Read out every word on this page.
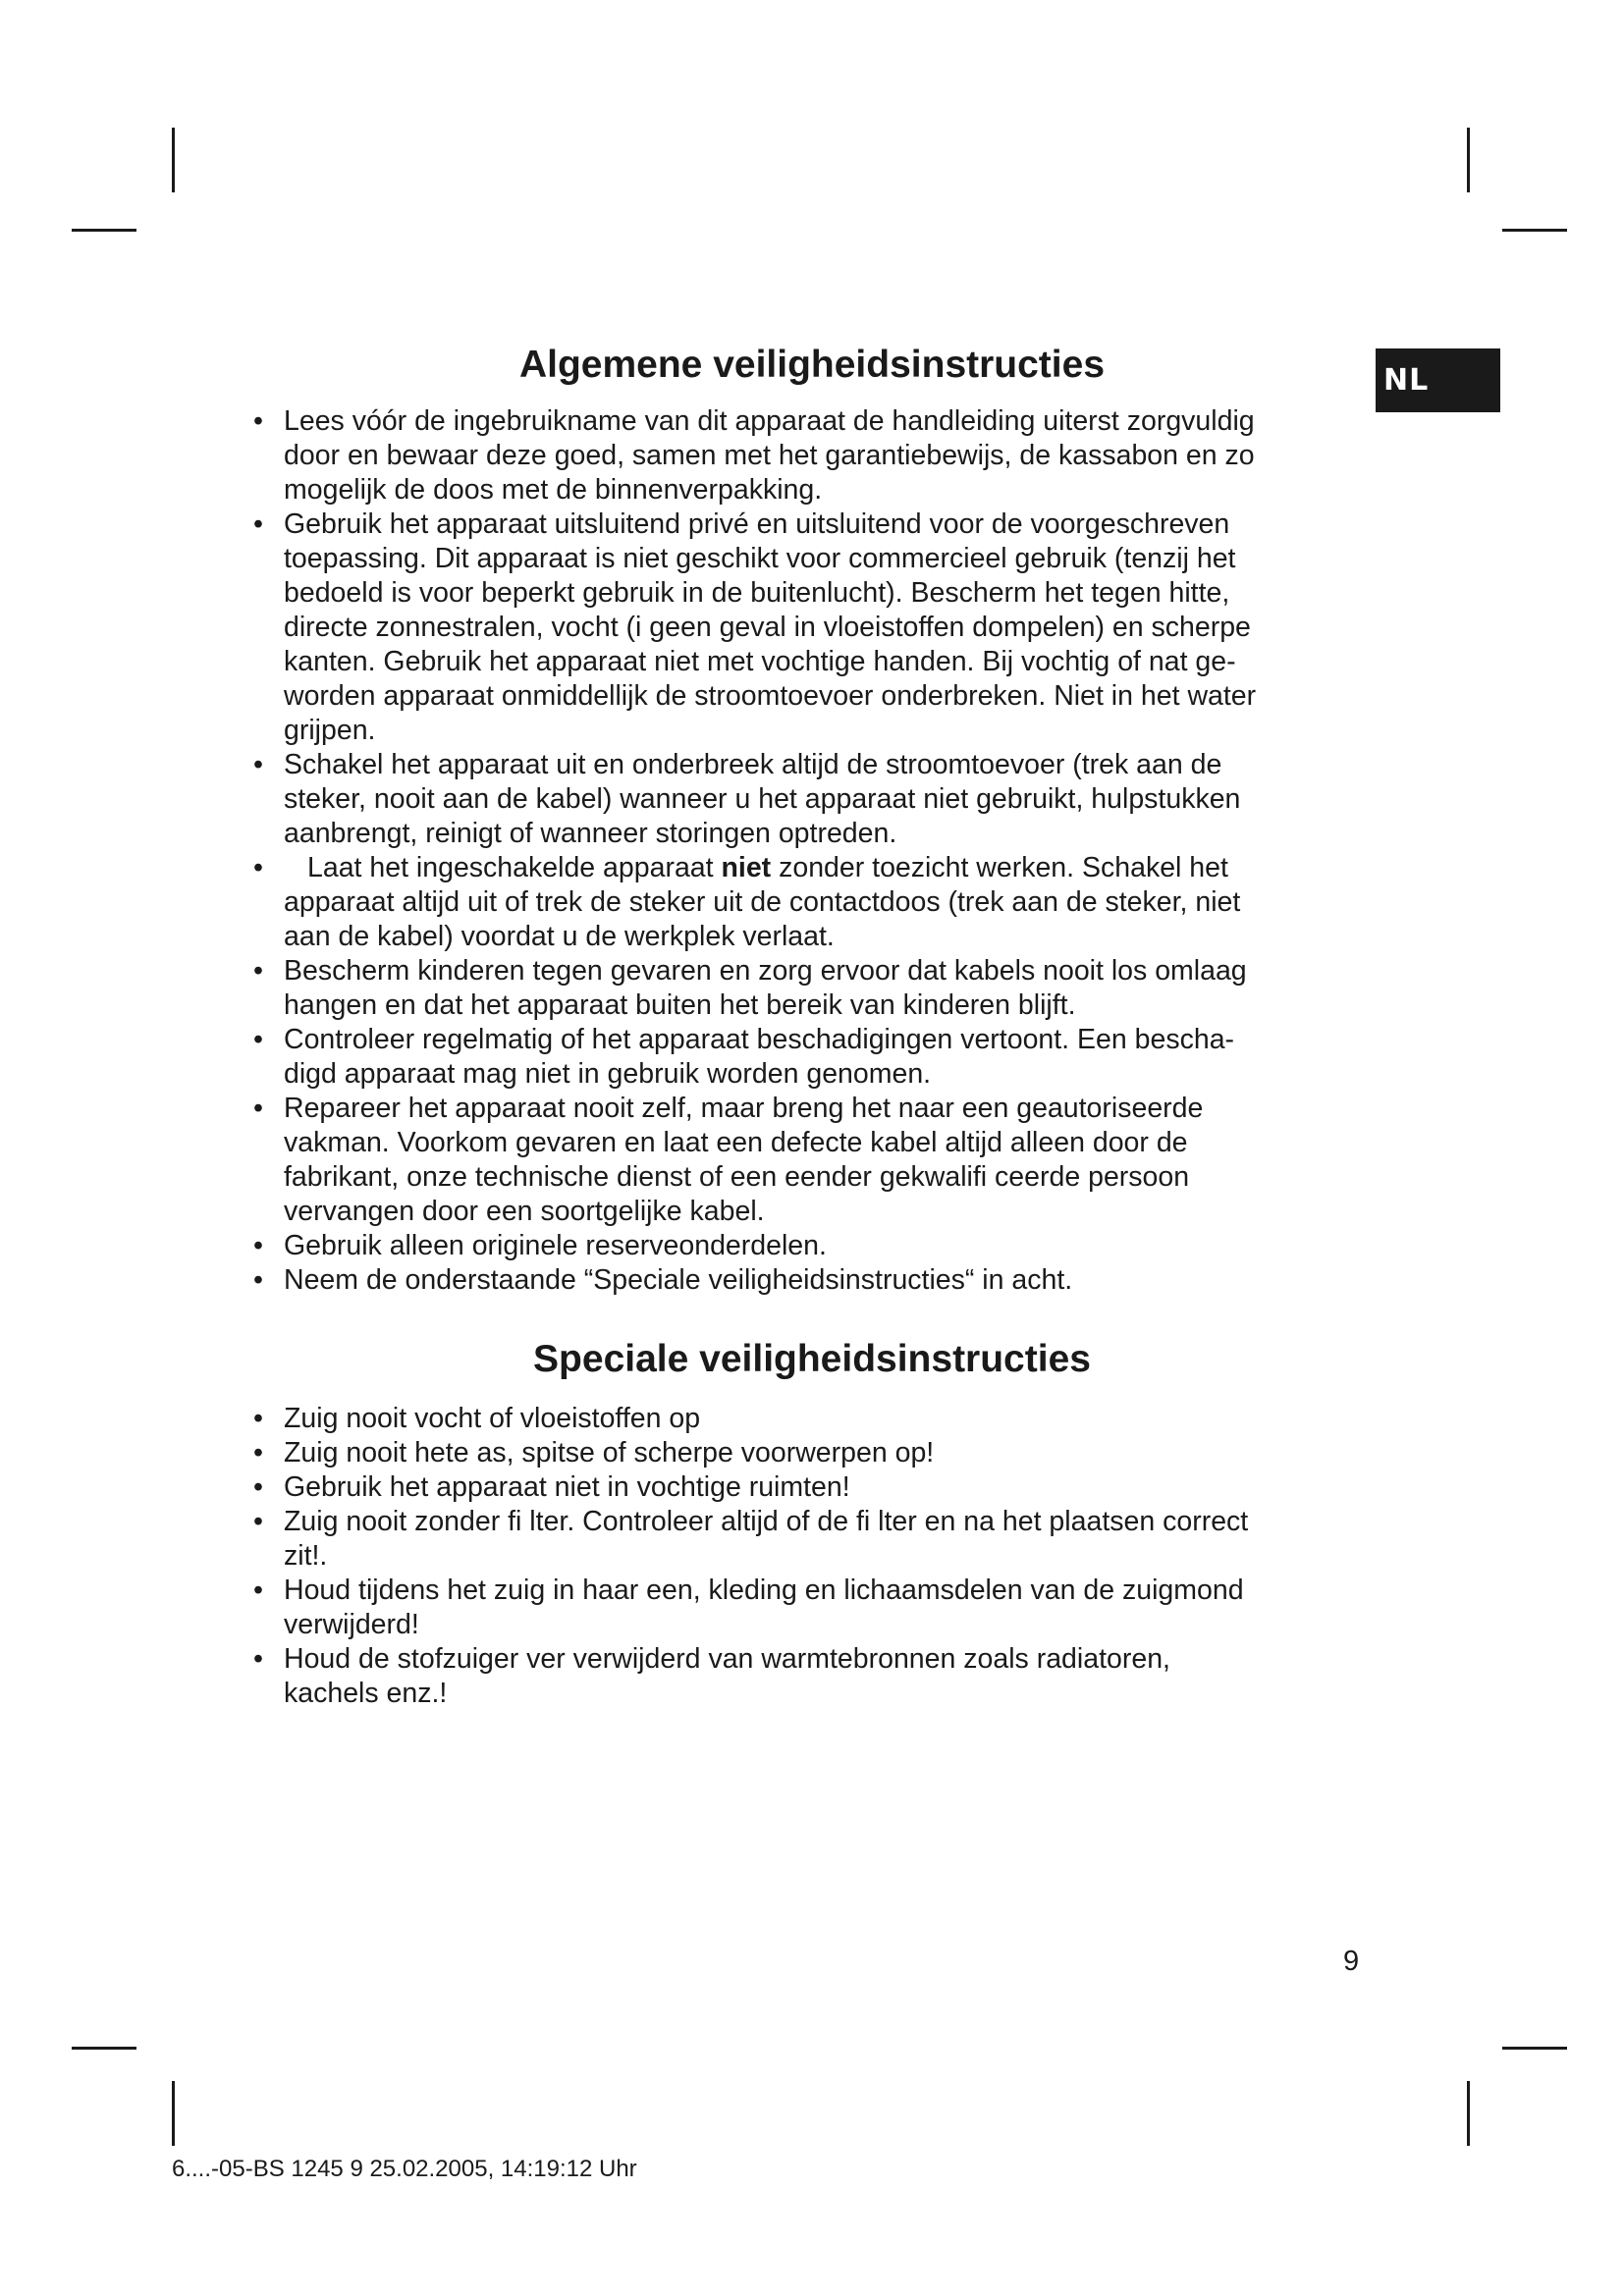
NL
Algemene veiligheidsinstructies
• Lees vóór de ingebruikname van dit apparaat de handleiding uiterst zorgvuldig
door en bewaar deze goed, samen met het garantiebewijs, de kassabon en zo
mogelijk de doos met de binnenverpakking.
• Gebruik het apparaat uitsluitend privé en uitsluitend voor de voorgeschreven
toepassing. Dit apparaat is niet geschikt voor commercieel gebruik (tenzij het
bedoeld is voor beperkt gebruik in de buitenlucht). Bescherm het tegen hitte,
directe zonnestralen, vocht (i geen geval in vloeistoffen dompelen) en scherpe
kanten. Gebruik het apparaat niet met vochtige handen. Bij vochtig of nat ge-
worden apparaat onmiddellijk de stroomtoevoer onderbreken. Niet in het water
grijpen.
• Schakel het apparaat uit en onderbreek altijd de stroomtoevoer (trek aan de
steker, nooit aan de kabel) wanneer u het apparaat niet gebruikt, hulpstukken
aanbrengt, reinigt of wanneer storingen optreden.
• Laat het ingeschakelde apparaat niet zonder toezicht werken. Schakel het
apparaat altijd uit of trek de steker uit de contactdoos (trek aan de steker, niet
aan de kabel) voordat u de werkplek verlaat.
• Bescherm kinderen tegen gevaren en zorg ervoor dat kabels nooit los omlaag
hangen en dat het apparaat buiten het bereik van kinderen blijft.
• Controleer regelmatig of het apparaat beschadigingen vertoont. Een bescha-
digd apparaat mag niet in gebruik worden genomen.
• Repareer het apparaat nooit zelf, maar breng het naar een geautoriseerde
vakman. Voorkom gevaren en laat een defecte kabel altijd alleen door de
fabrikant, onze technische dienst of een eender gekwalifi ceerde persoon
vervangen door een soortgelijke kabel.
• Gebruik alleen originele reserveonderdelen.
• Neem de onderstaande “Speciale veiligheidsinstructies“ in acht.
Speciale veiligheidsinstructies
• Zuig nooit vocht of vloeistoffen op
• Zuig nooit hete as, spitse of scherpe voorwerpen op!
• Gebruik het apparaat niet in vochtige ruimten!
• Zuig nooit zonder fi lter. Controleer altijd of de fi lter en na het plaatsen correct
zit!.
• Houd tijdens het zuig in haar een, kleding en lichaamsdelen van de zuigmond
verwijderd!
• Houd de stofzuiger ver verwijderd van warmtebronnen zoals radiatoren,
kachels enz.!
9
6....-05-BS 1245 9 25.02.2005, 14:19:12 Uhr
